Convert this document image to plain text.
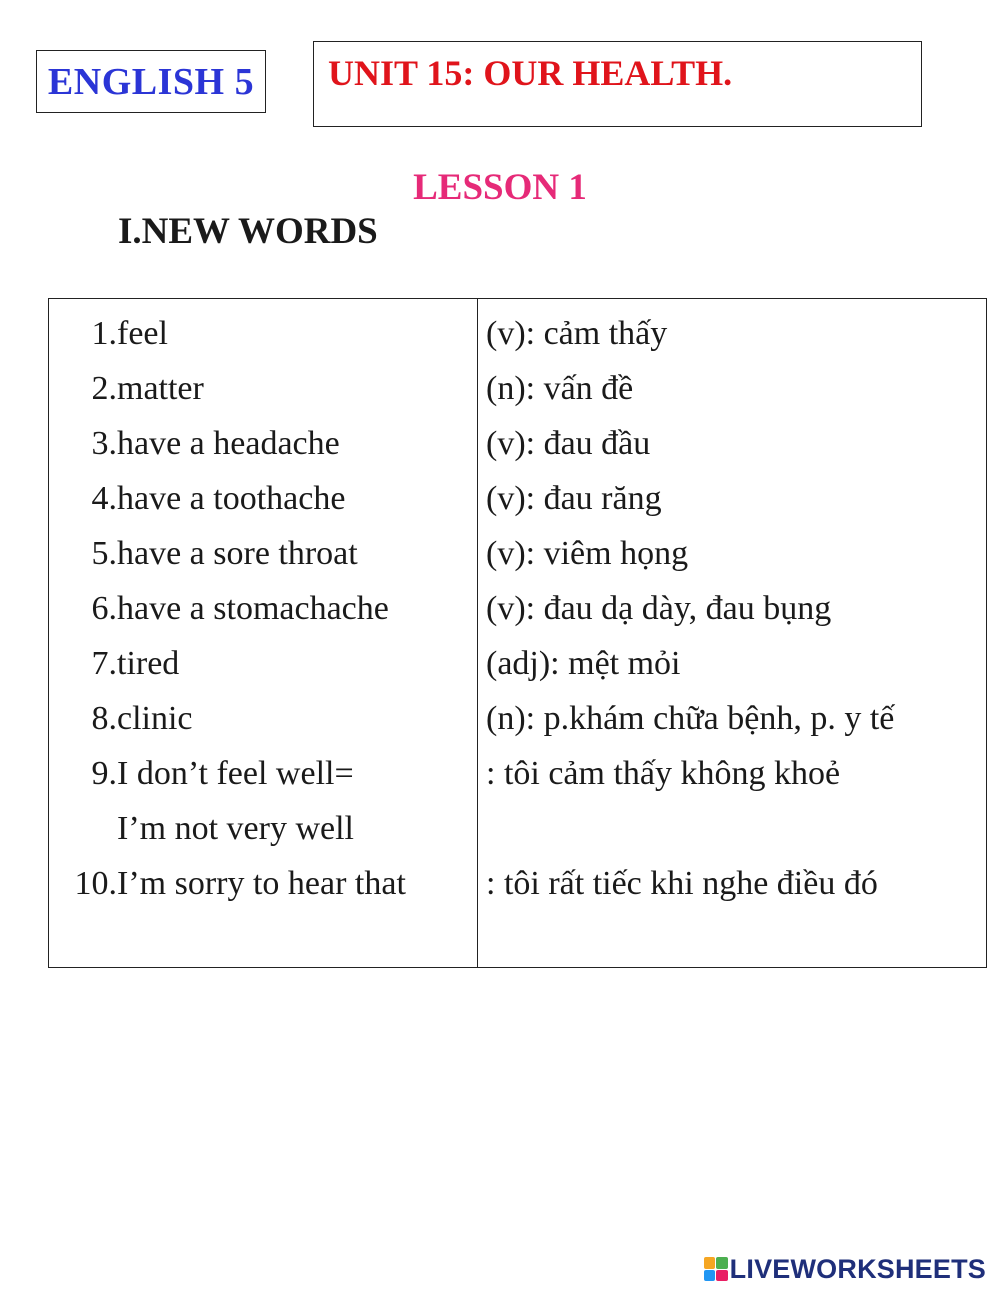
ENGLISH 5 UNIT 15: OUR HEALTH.
LESSON 1
I.NEW WORDS
1.feel
2.matter
3.have a headache
4.have a toothache
5.have a sore throat
6.have a stomachache
7.tired
8.clinic
9.I don’t feel well=
I’m not very well
10.I’m sorry to hear that
(v): cảm thấy
(n): vấn đề
(v): đau đầu
(v): đau răng
(v): viêm họng
(v): đau dạ dày, đau bụng
(adj): mệt mỏi
(n): p.khám chữa bệnh, p. y tế
: tôi cảm thấy không khoẻ
: tôi rất tiếc khi nghe điều đó
LIVEWORKSHEETS
